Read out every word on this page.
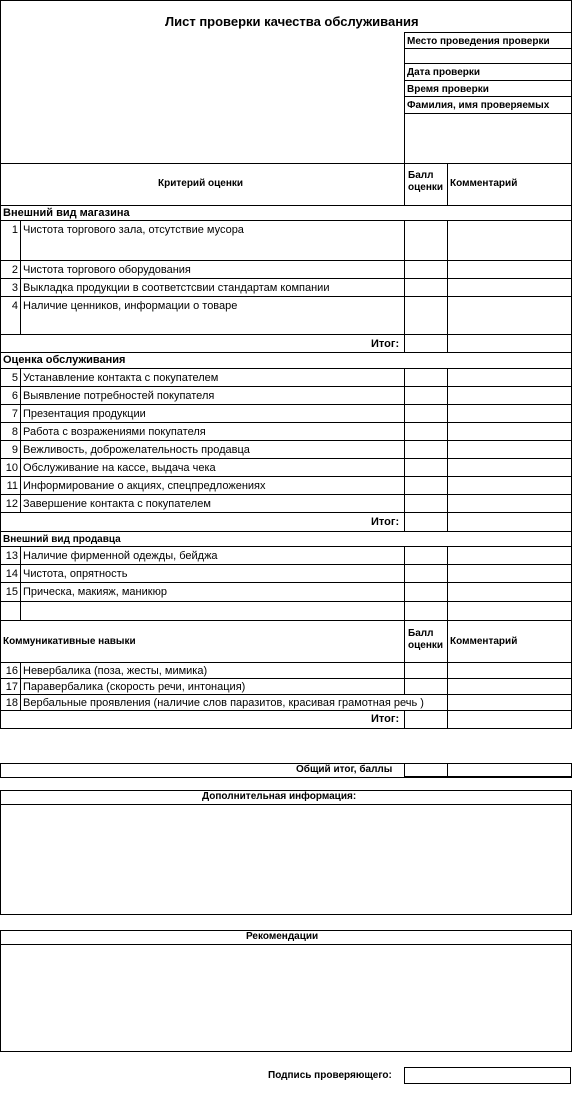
Лист проверки качества обслуживания
Место проведения проверки
Дата проверки
Время проверки
Фамилия, имя проверяемых
Критерий оценки
Балл оценки Комментарий
Внешний вид магазина
1 Чистота торгового зала, отсутствие мусора
2 Чистота торгового оборудования
3 Выкладка продукции в соответстсвии стандартам компании
4 Наличие ценников, информации о товаре
Итог:
Оценка обслуживания
5 Устанавление контакта с покупателем
6 Выявление потребностей покупателя
7 Презентация продукции
8 Работа с возражениями покупателя
9 Вежливость, доброжелательность продавца
10 Обслуживание на кассе, выдача чека
11 Информирование о акциях, спецпредложениях
12 Завершение контакта с покупателем
Итог:
Внешний вид продавца
13 Наличие фирменной одежды, бейджа
14 Чистота, опрятность
15 Прическа, макияж, маникюр
Коммуникативные навыки
Балл оценки Комментарий
16 Невербалика (поза, жесты, мимика)
17 Паравербалика (скорость речи, интонация)
18 Вербальные проявления (наличие слов паразитов, красивая грамотная речь )
Итог:
Общий итог, баллы
Дополнительная информация:
Рекомендации
Подпись проверяющего:
